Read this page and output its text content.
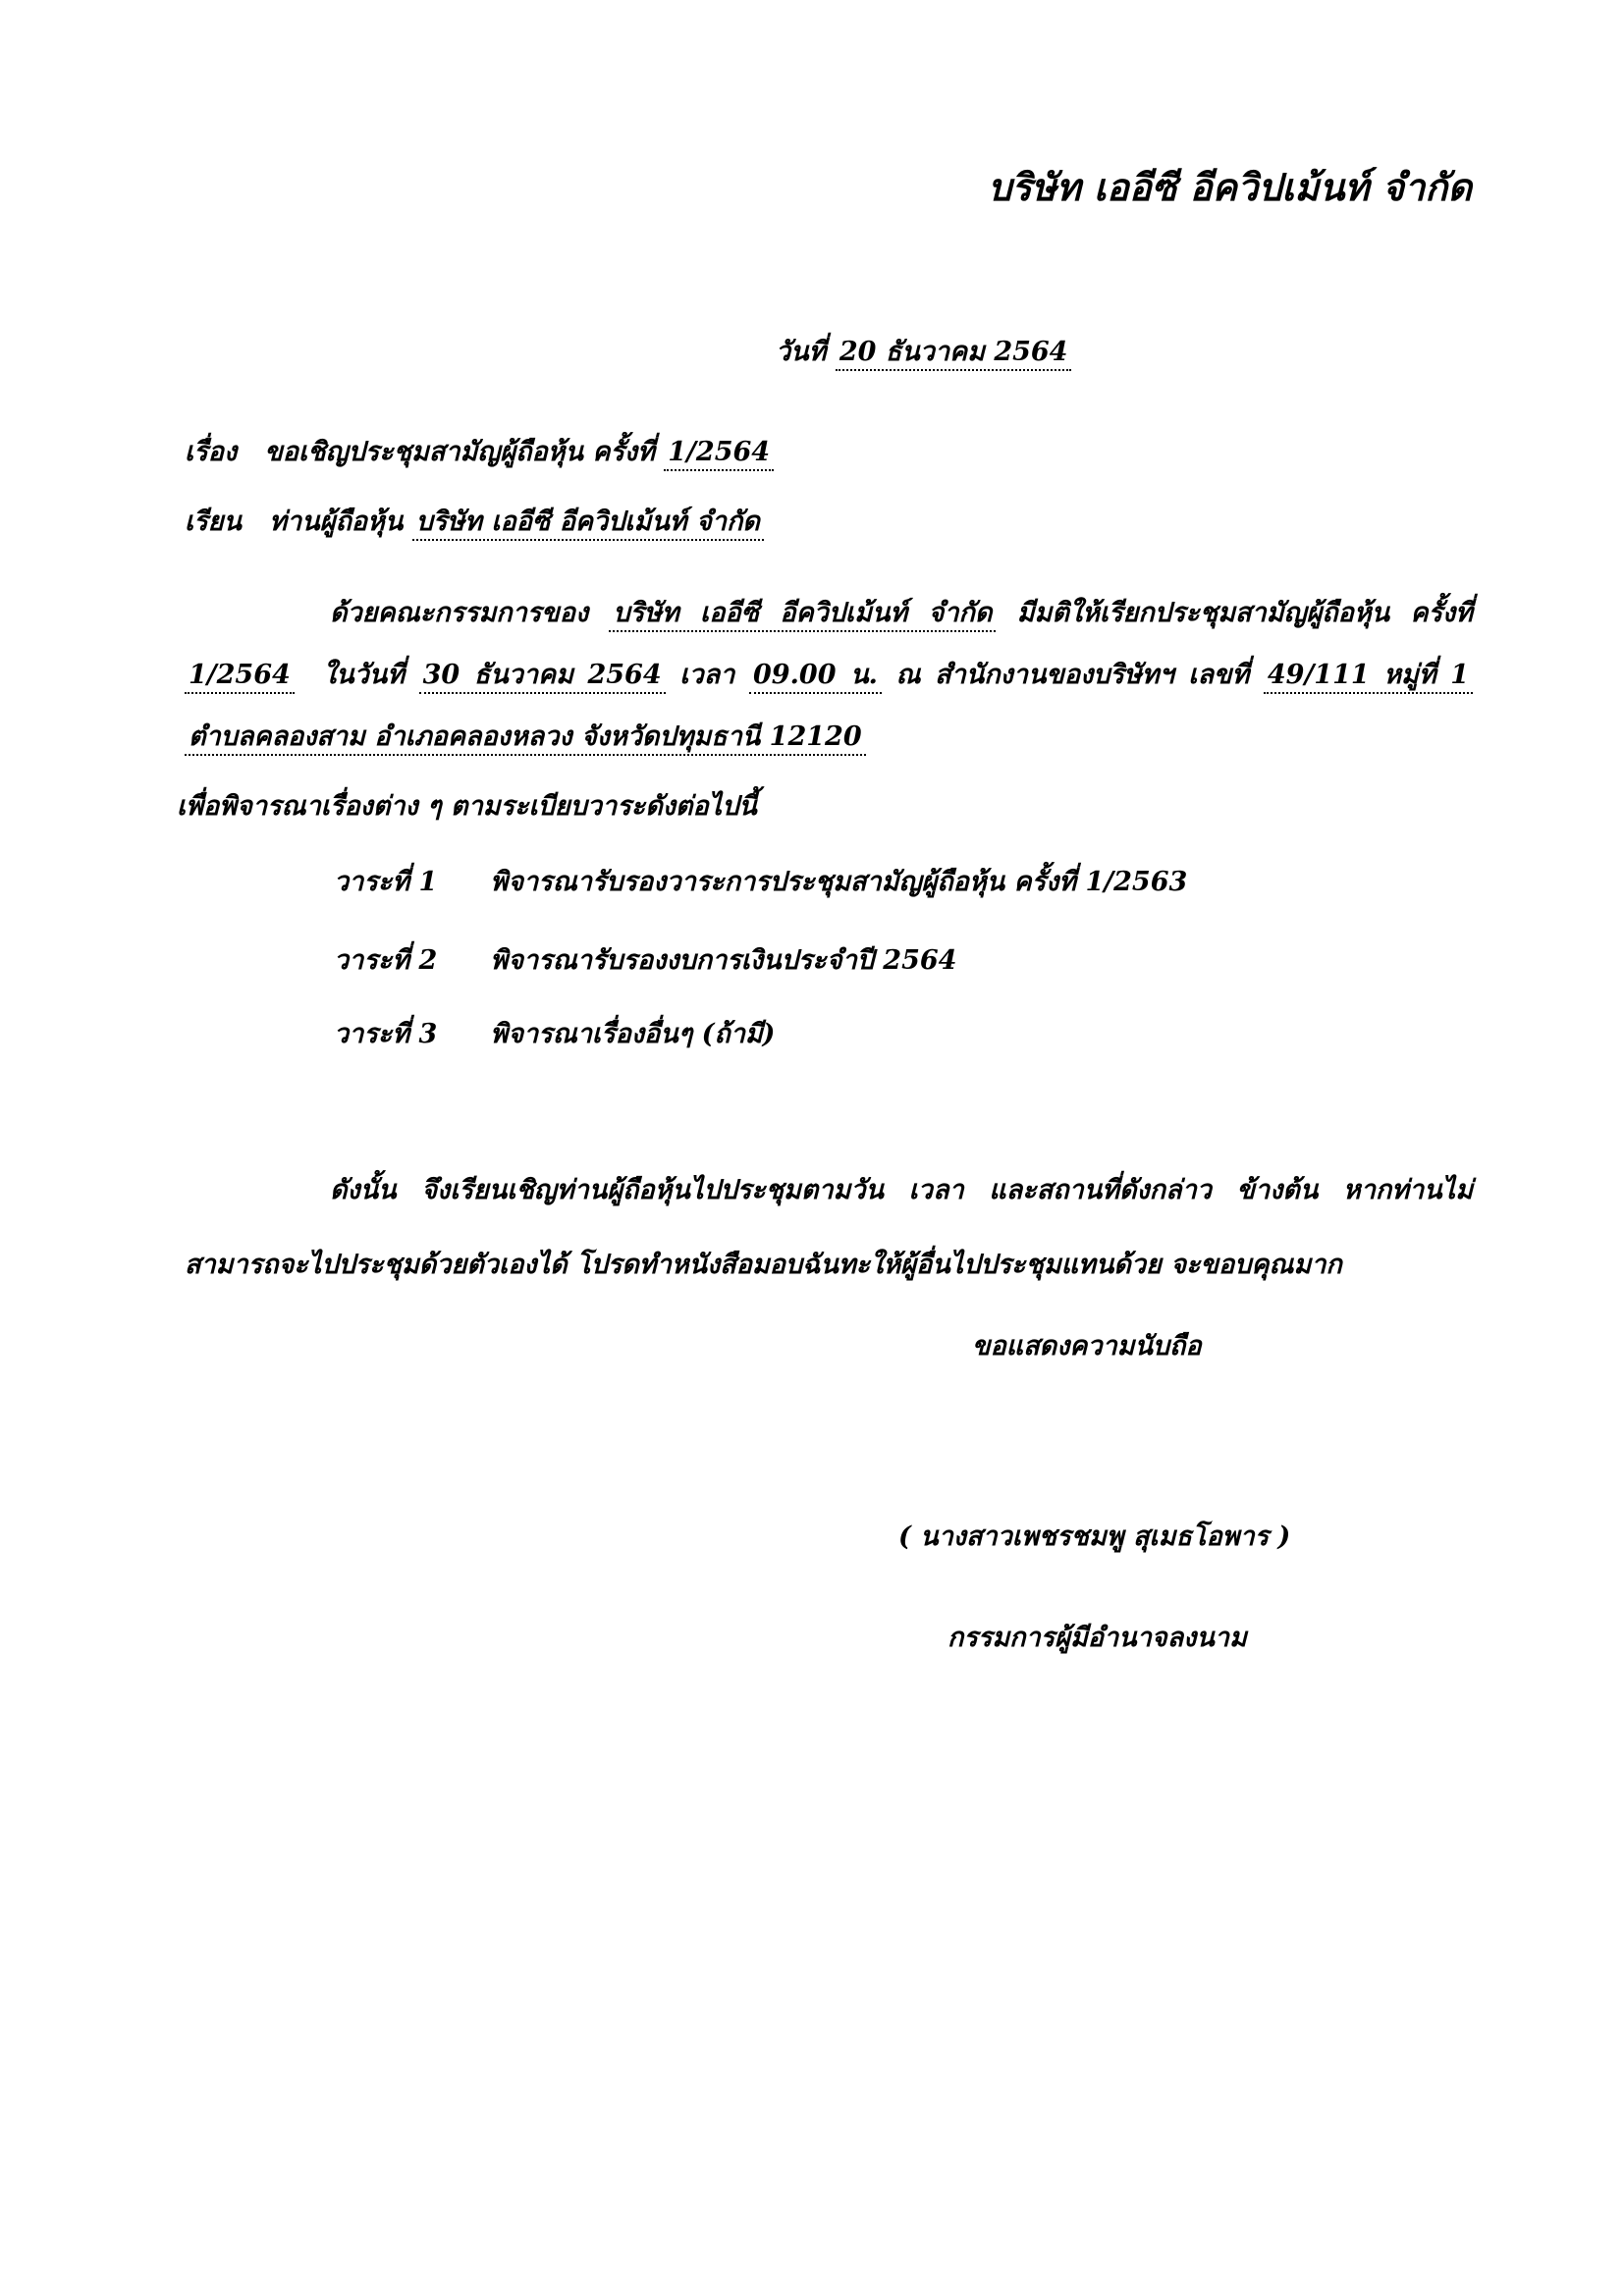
บริษัท เออีซี อีควิปเม้นท์ จำกัด
วันที่ 20 ธันวาคม 2564
เรื่อง ขอเชิญประชุมสามัญผู้ถือหุ้น ครั้งที่ 1/2564
เรียน ท่านผู้ถือหุ้น บริษัท เออีซี อีควิปเม้นท์ จำกัด
ด้วยคณะกรรมการของ บริษัท เออีซี อีควิปเม้นท์ จำกัด มีมติให้เรียกประชุมสามัญผู้ถือหุ้น ครั้งที่ 1/2564 ในวันที่ 30 ธันวาคม 2564 เวลา 09.00 น. ณ สำนักงานของบริษัทฯ เลขที่ 49/111 หมู่ที่ 1 ตำบลคลองสาม อำเภอคลองหลวง จังหวัดปทุมธานี 12120
เพื่อพิจารณาเรื่องต่าง ๆ ตามระเบียบวาระดังต่อไปนี้
วาระที่ 1 พิจารณารับรองวาระการประชุมสามัญผู้ถือหุ้น ครั้งที่ 1/2563
วาระที่ 2 พิจารณารับรองงบการเงินประจำปี 2564
วาระที่ 3 พิจารณาเรื่องอื่นๆ (ถ้ามี)
ดังนั้น จึงเรียนเชิญท่านผู้ถือหุ้นไปประชุมตามวัน เวลา และสถานที่ดังกล่าว ข้างต้น หากท่านไม่สามารถจะไปประชุมด้วยตัวเองได้ โปรดทำหนังสือมอบฉันทะให้ผู้อื่นไปประชุมแทนด้วย จะขอบคุณมาก
ขอแสดงความนับถือ
( นางสาวเพชรชมพู สุเมธโอพาร )
กรรมการผู้มีอำนาจลงนาม
